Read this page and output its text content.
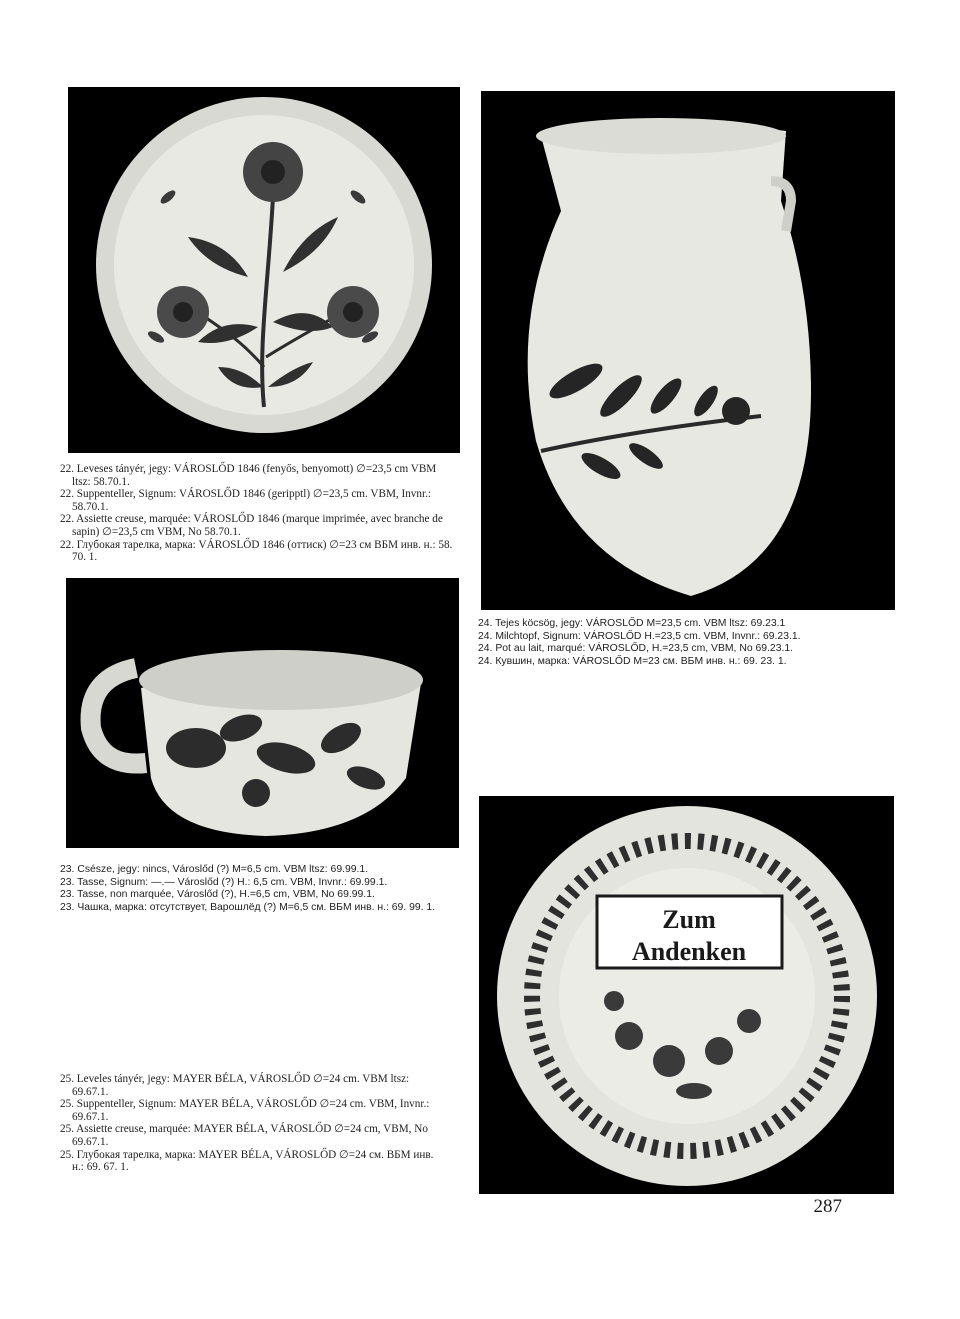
22. Leveses tányér, jegy: VÁROSLŐD 1846 (fenyős, benyomott) ∅=23,5 cm VBM ltsz: 58.70.1.

22. Suppenteller, Signum: VÁROSLŐD 1846 (geripptl) ∅=23,5 cm. VBM, Invnr.: 58.70.1.

22. Assiette creuse, marquée: VÁROSLŐD 1846 (marque imprimée, avec branche de sapin) ∅=23,5 cm VBM, No 58.70.1.

22. Глубокая тарелка, марка: VÁROSLŐD 1846 (оттиск) ∅=23 см ВБМ инв. н.: 58. 70. 1.

24. Tejes köcsög, jegy: VÁROSLŐD M=23,5 cm. VBM ltsz: 69.23.1

24. Milchtopf, Signum: VÁROSLŐD H.=23,5 cm. VBM, Invnr.: 69.23.1.

24. Pot au lait, marqué: VÁROSLŐD, H.=23,5 cm, VBM, No 69.23.1.

24. Кувшин, марка: VÁROSLŐD M=23 см. ВБМ инв. н.: 69. 23. 1.

23. Csésze, jegy: nincs, Városlőd (?) M=6,5 cm. VBM ltsz: 69.99.1.

23. Tasse, Signum: —.— Városlőd (?) H.: 6,5 cm. VBM, Invnr.: 69.99.1.

23. Tasse, non marquée, Városlőd (?), H.=6,5 cm, VBM, No 69.99.1.

23. Чашка, марка: отсутствует, Варошлёд (?) M=6,5 см. ВБМ инв. н.: 69. 99. 1.	Zum
Andenken

25. Leveles tányér, jegy: MAYER BÉLA, VÁROSLŐD ∅=24 cm. VBM ltsz: 69.67.1.

25. Suppenteller, Signum: MAYER BÉLA, VÁROSLŐD ∅=24 cm. VBM, Invnr.: 69.67.1.

25. Assiette creuse, marquée: MAYER BÉLA, VÁROSLŐD ∅=24 cm, VBM, No 69.67.1.

25. Глубокая тарелка, марка: MAYER BÉLA, VÁROSLŐD ∅=24 см. ВБМ инв. н.: 69. 67. 1.

287
